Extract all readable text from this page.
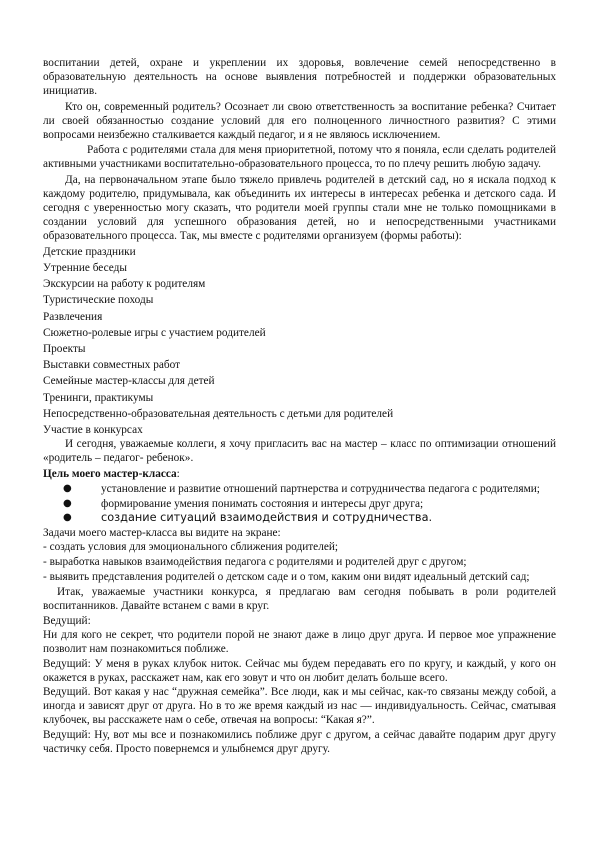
воспитании детей, охране и укреплении их здоровья, вовлечение семей непосредственно в образовательную деятельность на основе выявления потребностей и поддержки образовательных инициатив.

Кто он, современный родитель? Осознает ли свою ответственность за воспитание ребенка? Считает ли своей обязанностью создание условий для его полноценного личностного развития? С этими вопросами неизбежно сталкивается каждый педагог, и я не являюсь исключением.

Работа с родителями стала для меня приоритетной, потому что я поняла, если сделать родителей активными участниками воспитательно-образовательного процесса, то по плечу решить любую задачу.

Да, на первоначальном этапе было тяжело привлечь родителей в детский сад, но я искала подход к каждому родителю, придумывала, как объединить их интересы в интересах ребенка и детского сада. И сегодня с уверенностью могу сказать, что родители моей группы стали мне не только помощниками в создании условий для успешного образования детей, но и непосредственными участниками образовательного процесса. Так, мы вместе с родителями организуем (формы работы):

Детские праздники

Утренние беседы

Экскурсии на работу к родителям

Туристические походы

Развлечения

Сюжетно-ролевые игры с участием родителей

Проекты

Выставки совместных работ

Семейные мастер-классы для детей

Тренинги, практикумы

Непосредственно-образовательная деятельность с детьми для родителей

Участие в конкурсах

И сегодня, уважаемые коллеги, я хочу пригласить вас на мастер – класс по оптимизации отношений «родитель – педагог- ребенок».

Цель моего мастер-класса:

●	установление и развитие отношений партнерства и сотрудничества педагога с родителями;
●	формирование умения понимать состояния и интересы друг друга;
●	создание ситуаций взаимодействия и сотрудничества.

Задачи моего мастер-класса вы видите на экране:

- создать условия для эмоционального сближения родителей;

- выработка навыков взаимодействия педагога с родителями и родителей друг с другом;

- выявить представления родителей о детском саде и о том, каким они видят идеальный детский сад;

Итак, уважаемые участники конкурса, я предлагаю вам сегодня побывать в роли родителей воспитанников. Давайте встанем с вами в круг.

Ведущий:

Ни для кого не секрет, что родители порой не знают даже в лицо друг друга. И первое мое упражнение позволит нам познакомиться поближе.

Ведущий: У меня в руках клубок ниток. Сейчас мы будем передавать его по кругу, и каждый, у кого он окажется в руках, расскажет нам, как его зовут и что он любит делать больше всего.

Ведущий. Вот какая у нас “дружная семейка”. Все люди, как и мы сейчас, как-то связаны между собой, а иногда и зависят друг от друга. Но в то же время каждый из нас — индивидуальность. Сейчас, сматывая клубочек, вы расскажете нам о себе, отвечая на вопросы: “Какая я?”.

Ведущий: Ну, вот мы все и познакомились поближе друг с другом, а сейчас давайте подарим друг другу частичку себя. Просто повернемся и улыбнемся друг другу.
